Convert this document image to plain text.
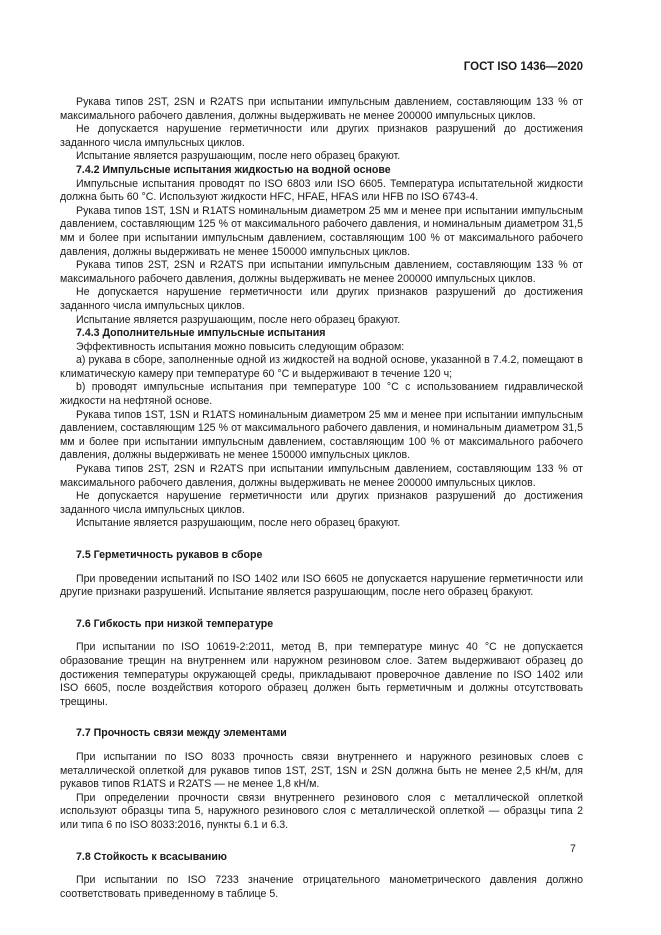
ГОСТ ISO 1436—2020

Рукава типов 2ST, 2SN и R2ATS при испытании импульсным давлением, составляющим 133 % от максимального рабочего давления, должны выдерживать не менее 200000 импульсных циклов.

Не допускается нарушение герметичности или других признаков разрушений до достижения заданного числа импульсных циклов.

Испытание является разрушающим, после него образец бракуют.

7.4.2 Импульсные испытания жидкостью на водной основе

Импульсные испытания проводят по ISO 6803 или ISO 6605. Температура испытательной жидкости должна быть 60 °С. Используют жидкости HFC, HFAE, HFAS или HFB по ISO 6743-4.

Рукава типов 1ST, 1SN и R1ATS номинальным диаметром 25 мм и менее при испытании импульсным давлением, составляющим 125 % от максимального рабочего давления, и номинальным диаметром 31,5 мм и более при испытании импульсным давлением, составляющим 100 % от максимального рабочего давления, должны выдерживать не менее 150000 импульсных циклов.

Рукава типов 2ST, 2SN и R2ATS при испытании импульсным давлением, составляющим 133 % от максимального рабочего давления, должны выдерживать не менее 200000 импульсных циклов.

Не допускается нарушение герметичности или других признаков разрушений до достижения заданного числа импульсных циклов.

Испытание является разрушающим, после него образец бракуют.

7.4.3 Дополнительные импульсные испытания

Эффективность испытания можно повысить следующим образом:

а) рукава в сборе, заполненные одной из жидкостей на водной основе, указанной в 7.4.2, помещают в климатическую камеру при температуре 60 °С и выдерживают в течение 120 ч;

b) проводят импульсные испытания при температуре 100 °С с использованием гидравлической жидкости на нефтяной основе.

Рукава типов 1ST, 1SN и R1ATS номинальным диаметром 25 мм и менее при испытании импульсным давлением, составляющим 125 % от максимального рабочего давления, и номинальным диаметром 31,5 мм и более при испытании импульсным давлением, составляющим 100 % от максимального рабочего давления, должны выдерживать не менее 150000 импульсных циклов.

Рукава типов 2ST, 2SN и R2ATS при испытании импульсным давлением, составляющим 133 % от максимального рабочего давления, должны выдерживать не менее 200000 импульсных циклов.

Не допускается нарушение герметичности или других признаков разрушений до достижения заданного числа импульсных циклов.

Испытание является разрушающим, после него образец бракуют.

7.5 Герметичность рукавов в сборе

При проведении испытаний по ISO 1402 или ISO 6605 не допускается нарушение герметичности или другие признаки разрушений. Испытание является разрушающим, после него образец бракуют.

7.6 Гибкость при низкой температуре

При испытании по ISO 10619-2:2011, метод В, при температуре минус 40 °С не допускается образование трещин на внутреннем или наружном резиновом слое. Затем выдерживают образец до достижения температуры окружающей среды, прикладывают проверочное давление по ISO 1402 или ISO 6605, после воздействия которого образец должен быть герметичным и должны отсутствовать трещины.

7.7 Прочность связи между элементами

При испытании по ISO 8033 прочность связи внутреннего и наружного резиновых слоев с металлической оплеткой для рукавов типов 1ST, 2ST, 1SN и 2SN должна быть не менее 2,5 кН/м, для рукавов типов R1ATS и R2ATS — не менее 1,8 кН/м.

При определении прочности связи внутреннего резинового слоя с металлической оплеткой используют образцы типа 5, наружного резинового слоя с металлической оплеткой — образцы типа 2 или типа 6 по ISO 8033:2016, пункты 6.1 и 6.3.

7.8 Стойкость к всасыванию

При испытании по ISO 7233 значение отрицательного манометрического давления должно соответствовать приведенному в таблице 5.

7
